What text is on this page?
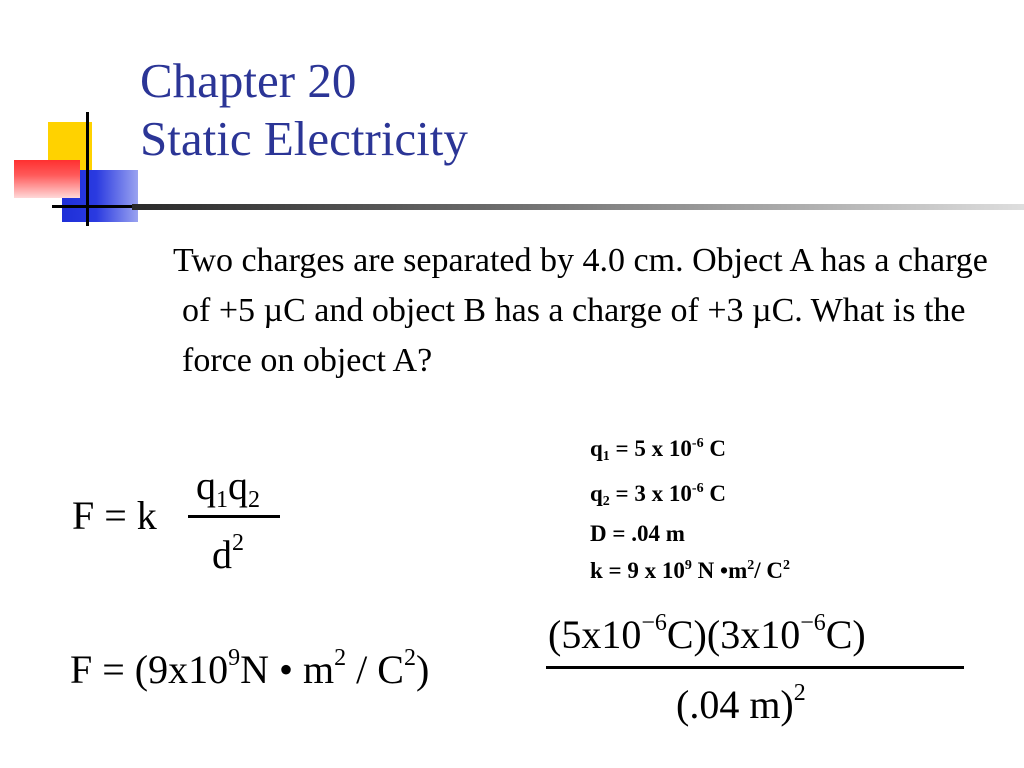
Chapter 20
Static Electricity

Two charges are separated by 4.0 cm. Object A has a charge of +5 µC and object B has a charge of +3 µC. What is the force on object A?

$q_1 = 5$ x $10^{-6}$ C
$q_2 = 3$ x $10^{-6}$ C
D = .04 m
k = 9 x $10^9$ N $•m^2/$ $C^2$
F = k
$q_1q_2$
$d^2$
$F = (9x10^9N$ • $m^2 / C^2$)
$(5x10^{-6}C)(3x10^{-6}C)$
(.04 m)$^2$
